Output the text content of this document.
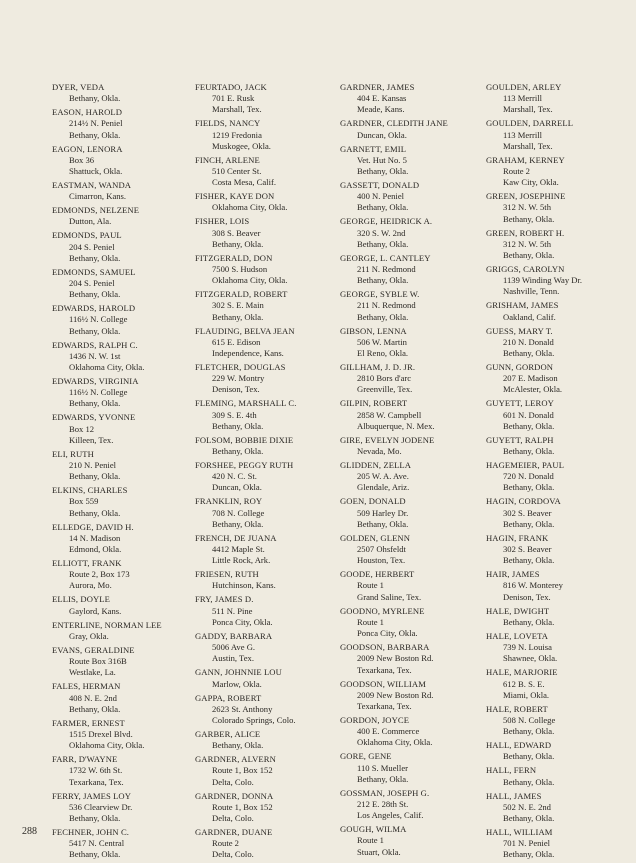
DYER, VEDA
Bethany, Okla.
EASON, HAROLD
214½ N. Peniel
Bethany, Okla.
EAGON, LENORA
Box 36
Shattuck, Okla.
EASTMAN, WANDA
Cimarron, Kans.
EDMONDS, NELZENE
Dutton, Ala.
EDMONDS, PAUL
204 S. Peniel
Bethany, Okla.
EDMONDS, SAMUEL
204 S. Peniel
Bethany, Okla.
EDWARDS, HAROLD
116½ N. College
Bethany, Okla.
EDWARDS, RALPH C.
1436 N. W. 1st
Oklahoma City, Okla.
EDWARDS, VIRGINIA
116½ N. College
Bethany, Okla.
EDWARDS, YVONNE
Box 12
Killeen, Tex.
ELI, RUTH
210 N. Peniel
Bethany, Okla.
ELKINS, CHARLES
Box 559
Bethany, Okla.
ELLEDGE, DAVID H.
14 N. Madison
Edmond, Okla.
ELLIOTT, FRANK
Route 2, Box 173
Aurora, Mo.
ELLIS, DOYLE
Gaylord, Kans.
ENTERLINE, NORMAN LEE
Gray, Okla.
EVANS, GERALDINE
Route Box 316B
Westlake, La.
FALES, HERMAN
408 N. E. 2nd
Bethany, Okla.
FARMER, ERNEST
1515 Drexel Blvd.
Oklahoma City, Okla.
FARR, D'WAYNE
1732 W. 6th St.
Texarkana, Tex.
FERRY, JAMES LOY
536 Clearview Dr.
Bethany, Okla.
FECHNER, JOHN C.
5417 N. Central
Bethany, Okla.
FEURTADO, JACK
701 E. Rusk
Marshall, Tex.
FIELDS, NANCY
1219 Fredonia
Muskogee, Okla.
FINCH, ARLENE
510 Center St.
Costa Mesa, Calif.
FISHER, KAYE DON
Oklahoma City, Okla.
FISHER, LOIS
308 S. Beaver
Bethany, Okla.
FITZGERALD, DON
7500 S. Hudson
Oklahoma City, Okla.
FITZGERALD, ROBERT
302 S. E. Main
Bethany, Okla.
FLAUDING, BELVA JEAN
615 E. Edison
Independence, Kans.
FLETCHER, DOUGLAS
229 W. Montry
Denison, Tex.
FLEMING, MARSHALL C.
309 S. E. 4th
Bethany, Okla.
FOLSOM, BOBBIE DIXIE
Bethany, Okla.
FORSHEE, PEGGY RUTH
420 N. C. St.
Duncan, Okla.
FRANKLIN, ROY
708 N. College
Bethany, Okla.
FRENCH, DE JUANA
4412 Maple St.
Little Rock, Ark.
FRIESEN, RUTH
Hutchinson, Kans.
FRY, JAMES D.
511 N. Pine
Ponca City, Okla.
GADDY, BARBARA
5006 Ave G.
Austin, Tex.
GANN, JOHNNIE LOU
Marlow, Okla.
GAPPA, ROBERT
2623 St. Anthony
Colorado Springs, Colo.
GARBER, ALICE
Bethany, Okla.
GARDNER, ALVERN
Route 1, Box 152
Delta, Colo.
GARDNER, DONNA
Route 1, Box 152
Delta, Colo.
GARDNER, DUANE
Route 2
Delta, Colo.
GARDNER, JAMES
404 E. Kansas
Meade, Kans.
GARDNER, CLEDITH JANE
Duncan, Okla.
GARNETT, EMIL
Vet. Hut No. 5
Bethany, Okla.
GASSETT, DONALD
400 N. Peniel
Bethany, Okla.
GEORGE, HEIDRICK A.
320 S. W. 2nd
Bethany, Okla.
GEORGE, L. CANTLEY
211 N. Redmond
Bethany, Okla.
GEORGE, SYBLE W.
211 N. Redmond
Bethany, Okla.
GIBSON, LENNA
506 W. Martin
El Reno, Okla.
GILLHAM, J. D. JR.
2810 Bors d'arc
Greenville, Tex.
GILPIN, ROBERT
2858 W. Campbell
Albuquerque, N. Mex.
GIRE, EVELYN JODENE
Nevada, Mo.
GLIDDEN, ZELLA
205 W. A. Ave.
Glendale, Ariz.
GOEN, DONALD
509 Harley Dr.
Bethany, Okla.
GOLDEN, GLENN
2507 Ohsfeldt
Houston, Tex.
GOODE, HERBERT
Route 1
Grand Saline, Tex.
GOODNO, MYRLENE
Route 1
Ponca City, Okla.
GOODSON, BARBARA
2009 New Boston Rd.
Texarkana, Tex.
GOODSON, WILLIAM
2009 New Boston Rd.
Texarkana, Tex.
GORDON, JOYCE
400 E. Commerce
Oklahoma City, Okla.
GORE, GENE
110 S. Mueller
Bethany, Okla.
GOSSMAN, JOSEPH G.
212 E. 28th St.
Los Angeles, Calif.
GOUGH, WILMA
Route 1
Stuart, Okla.
GOULDEN, ARLEY
113 Merrill
Marshall, Tex.
GOULDEN, DARRELL
113 Merrill
Marshall, Tex.
GRAHAM, KERNEY
Route 2
Kaw City, Okla.
GREEN, JOSEPHINE
312 N. W. 5th
Bethany, Okla.
GREEN, ROBERT H.
312 N. W. 5th
Bethany, Okla.
GRIGGS, CAROLYN
1139 Winding Way Dr.
Nashville, Tenn.
GRISHAM, JAMES
Oakland, Calif.
GUESS, MARY T.
210 N. Donald
Bethany, Okla.
GUNN, GORDON
207 E. Madison
McAlester, Okla.
GUYETT, LEROY
601 N. Donald
Bethany, Okla.
GUYETT, RALPH
Bethany, Okla.
HAGEMEIER, PAUL
720 N. Donald
Bethany, Okla.
HAGIN, CORDOVA
302 S. Beaver
Bethany, Okla.
HAGIN, FRANK
302 S. Beaver
Bethany, Okla.
HAIR, JAMES
816 W. Monterey
Denison, Tex.
HALE, DWIGHT
Bethany, Okla.
HALE, LOVETA
739 N. Louisa
Shawnee, Okla.
HALE, MARJORIE
612 B. S. E.
Miami, Okla.
HALE, ROBERT
508 N. College
Bethany, Okla.
HALL, EDWARD
Bethany, Okla.
HALL, FERN
Bethany, Okla.
HALL, JAMES
502 N. E. 2nd
Bethany, Okla.
HALL, WILLIAM
701 N. Peniel
Bethany, Okla.
288
